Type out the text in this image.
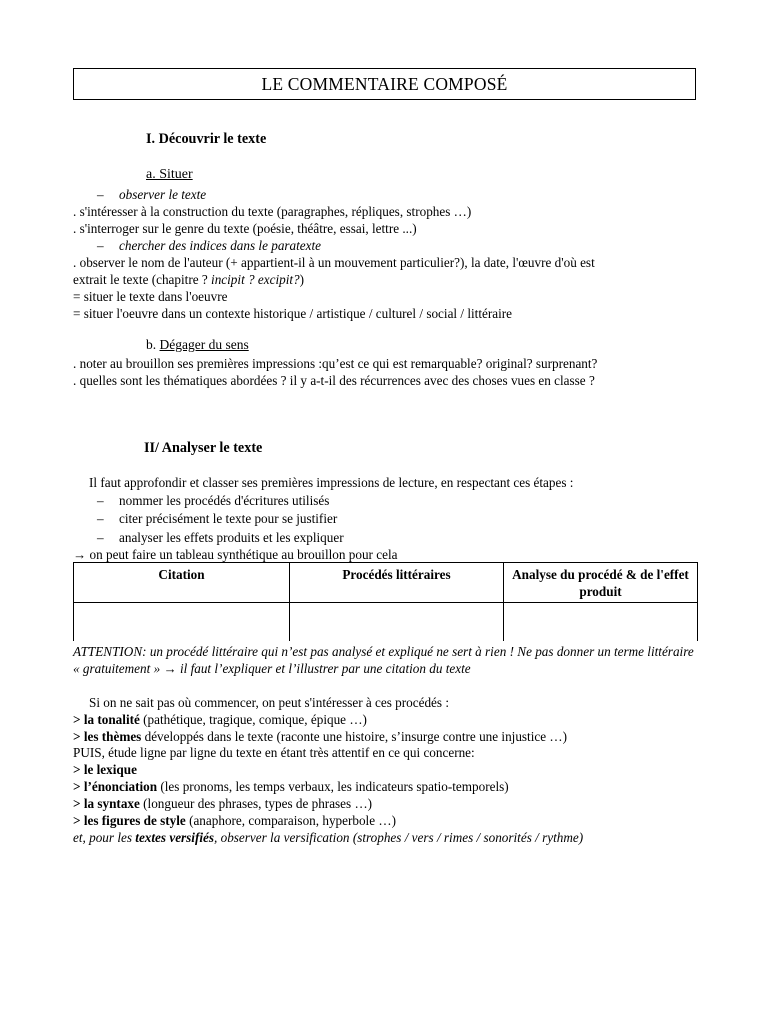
LE COMMENTAIRE COMPOSÉ
I. Découvrir le texte
a. Situer
– observer le texte
. s'intéresser à la construction du texte (paragraphes, répliques, strophes …)
. s'interroger sur le genre du texte (poésie, théâtre, essai, lettre ...)
– chercher des indices dans le paratexte
. observer le nom de l'auteur (+ appartient-il à un mouvement particulier?), la date, l'œuvre d'où est
extrait le texte (chapitre ? incipit ? excipit?)
= situer le texte dans l'oeuvre
= situer l'oeuvre dans un contexte historique / artistique / culturel / social / littéraire
b. Dégager du sens
. noter au brouillon ses premières impressions :qu’est ce qui est remarquable? original? surprenant?
. quelles sont les thématiques abordées ? il y a-t-il des récurrences avec des choses vues en classe ?
II/ Analyser le texte
Il faut approfondir et classer ses premières impressions de lecture, en respectant ces étapes :
– nommer les procédés d'écritures utilisés
– citer précisément le texte pour se justifier
– analyser les effets produits et les expliquer
→ on peut faire un tableau synthétique au brouillon pour cela
Citation	Procédés littéraires	Analyse du procédé & de l'effet produit

ATTENTION: un procédé littéraire qui n’est pas analysé et expliqué ne sert à rien ! Ne pas donner un terme littéraire « gratuitement » → il faut l’expliquer et l’illustrer par une citation du texte
Si on ne sait pas où commencer, on peut s'intéresser à ces procédés :
> la tonalité (pathétique, tragique, comique, épique …)
> les thèmes développés dans le texte (raconte une histoire, s’insurge contre une injustice …)
PUIS, étude ligne par ligne du texte en étant très attentif en ce qui concerne:
> le lexique
> l’énonciation (les pronoms, les temps verbaux, les indicateurs spatio-temporels)
> la syntaxe (longueur des phrases, types de phrases …)
> les figures de style (anaphore, comparaison, hyperbole …)
et, pour les textes versifiés, observer la versification (strophes / vers / rimes / sonorités / rythme)
